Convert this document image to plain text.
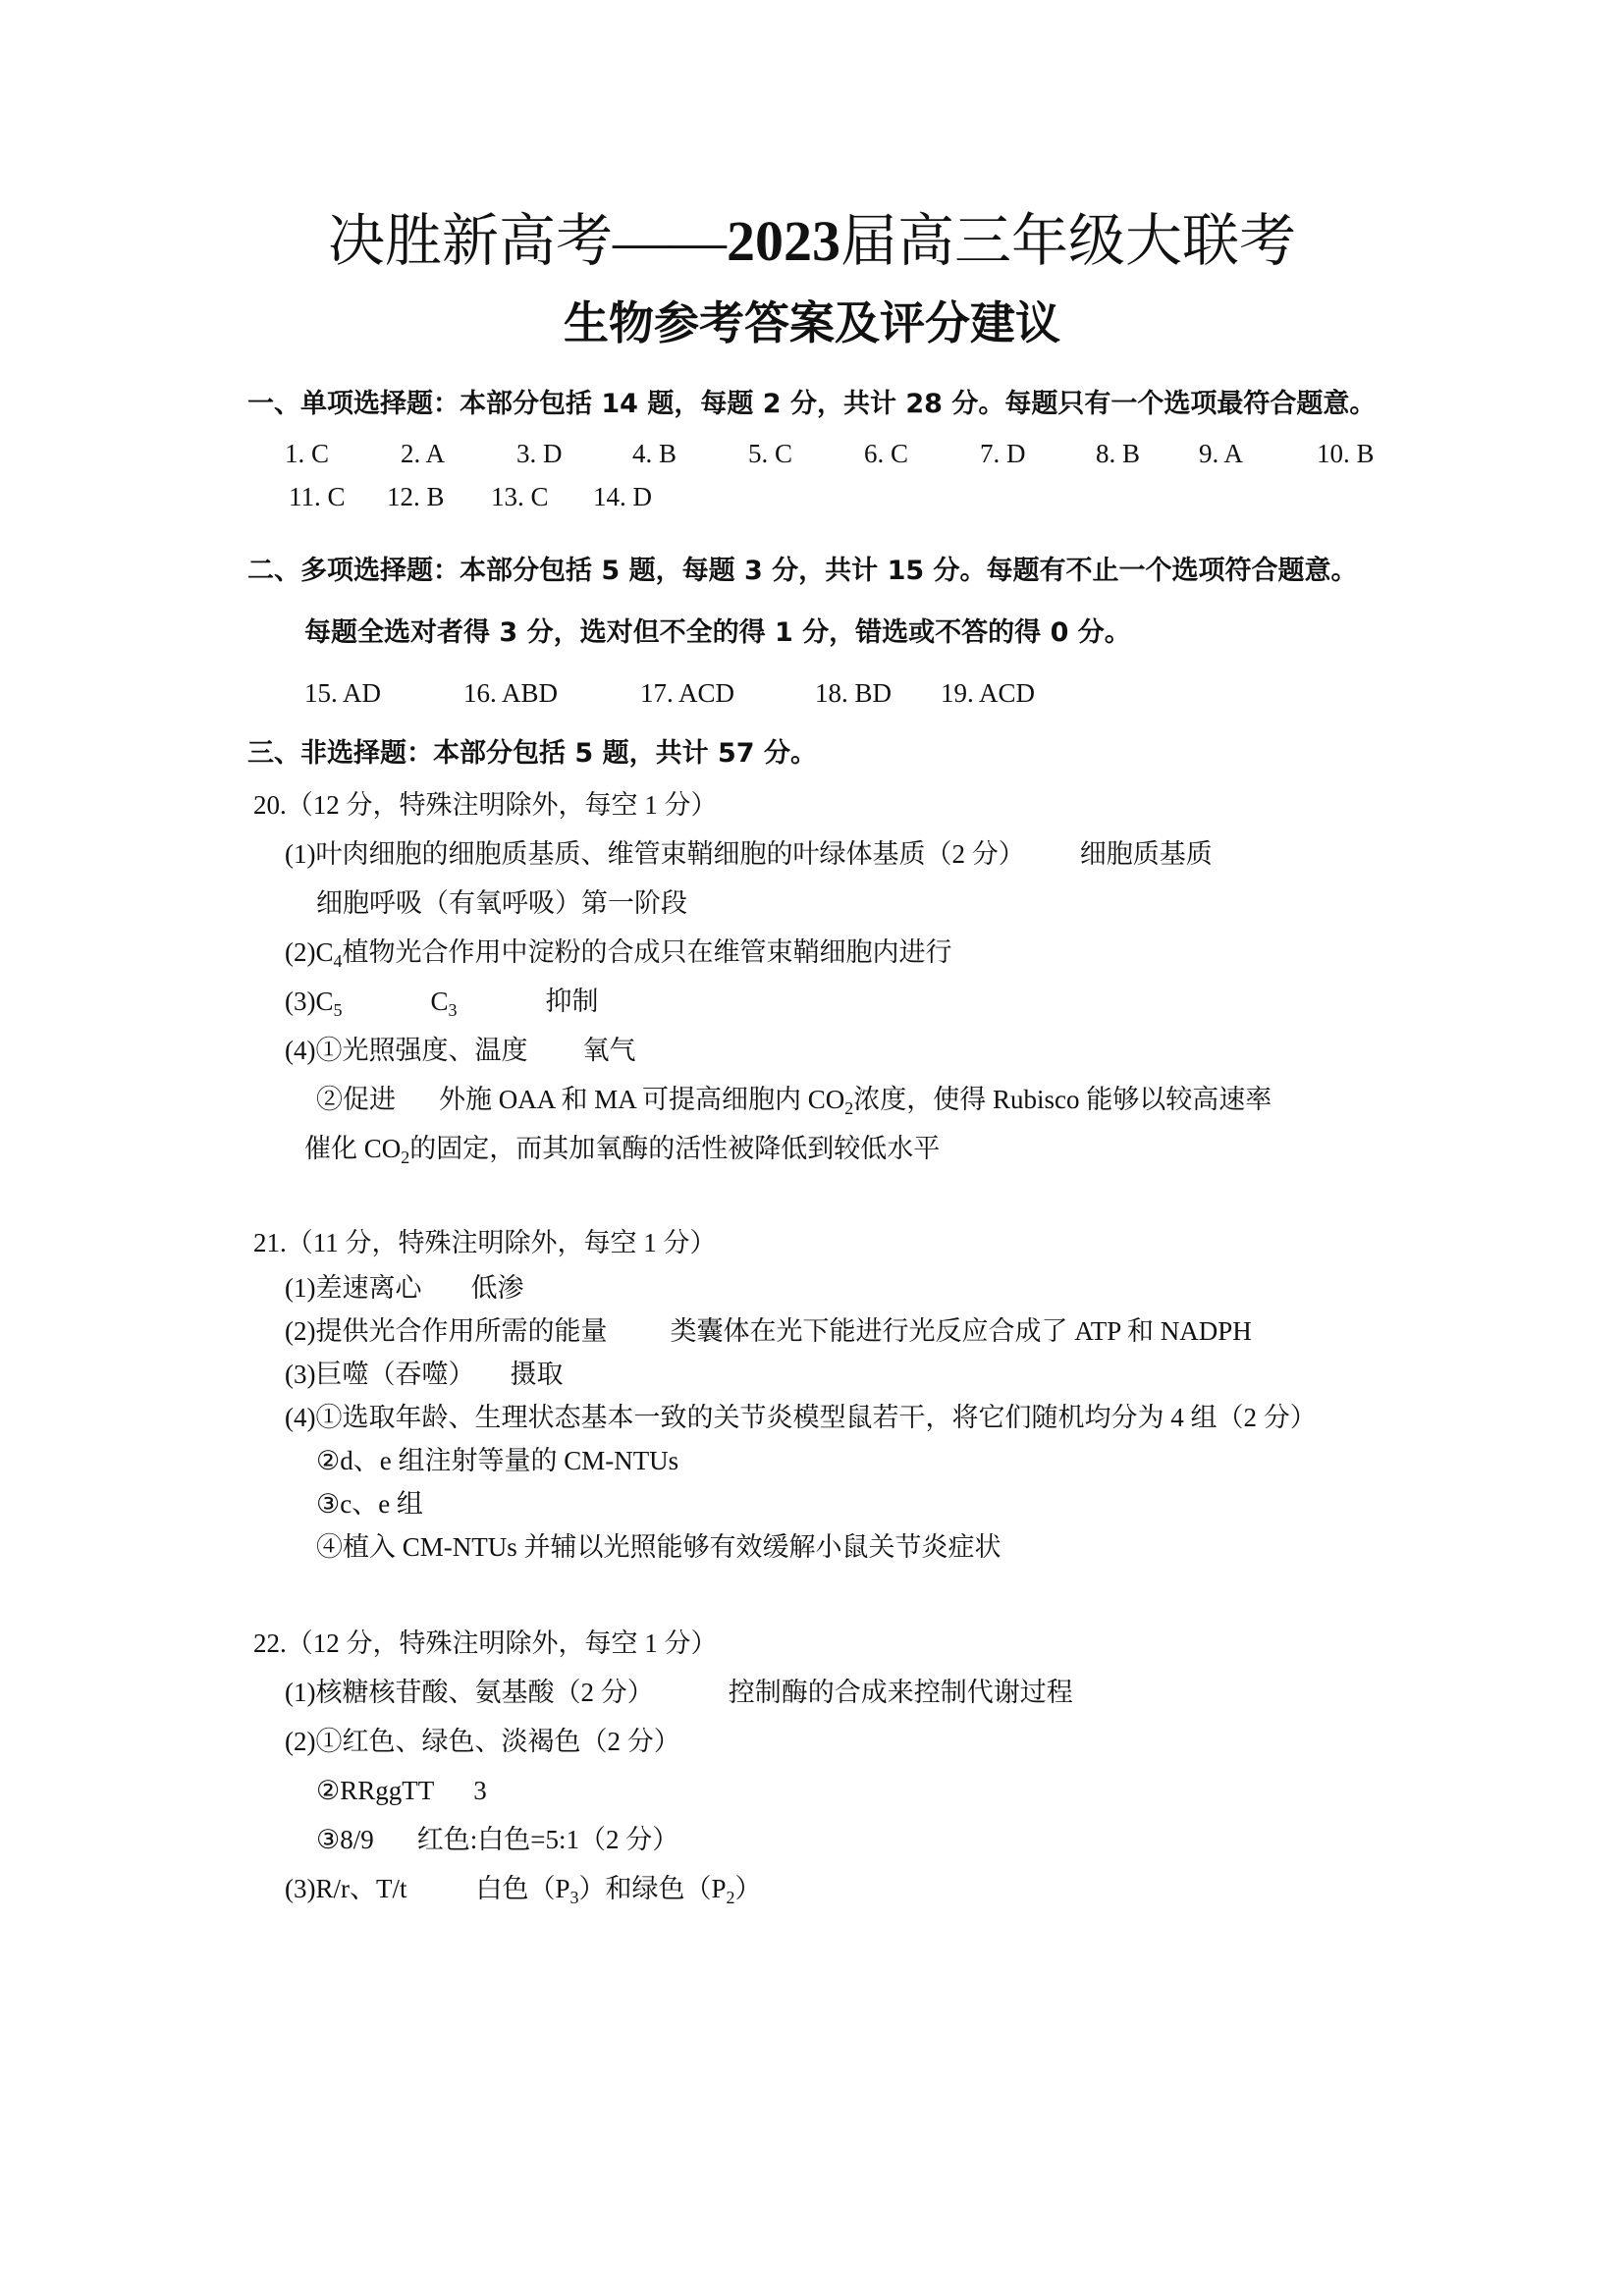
决胜新高考——2023届高三年级大联考
生物参考答案及评分建议
一、单项选择题：本部分包括 14 题，每题 2 分，共计 28 分。每题只有一个选项最符合题意。
1. C	2. A	3. D	4. B	5. C	6. C	7. D	8. B 9. A	10. B
11. C 12. B 13. C 14. D
二、多项选择题：本部分包括 5 题，每题 3 分，共计 15 分。每题有不止一个选项符合题意。
每题全选对者得 3 分，选对但不全的得 1 分，错选或不答的得 0 分。
15. AD	16. ABD	17. ACD	18. BD 19. ACD
三、非选择题：本部分包括 5 题，共计 57 分。
20.（12 分，特殊注明除外，每空 1 分）
(1)叶肉细胞的细胞质基质、维管束鞘细胞的叶绿体基质（2 分） 细胞质基质
细胞呼吸（有氧呼吸）第一阶段
$(2)C_4$植物光合作用中淀粉的合成只在维管束鞘细胞内进行
$(3)C_5$	$C_3$	抑制
(4)①光照强度、温度 氧气
②促进 外施 OAA 和 MA 可提高细胞内 $CO_2$浓度，使得 Rubisco 能够以较高速率
催化 $CO_2$的固定，而其加氧酶的活性被降低到较低水平
21.（11 分，特殊注明除外，每空 1 分）
(1)差速离心 低渗
(2)提供光合作用所需的能量 类囊体在光下能进行光反应合成了 ATP 和 NADPH
(3)巨噬（吞噬） 摄取
(4)①选取年龄、生理状态基本一致的关节炎模型鼠若干，将它们随机均分为 4 组（2 分）
②d、e 组注射等量的 CM-NTUs
③c、e 组
④植入 CM-NTUs 并辅以光照能够有效缓解小鼠关节炎症状
22.（12 分，特殊注明除外，每空 1 分）
(1)核糖核苷酸、氨基酸（2 分）	控制酶的合成来控制代谢过程
(2)①红色、绿色、淡褐色（2 分）
②RRggTT 3
③8/9 红色:白色=5:1（2 分）
(3)R/r、T/t	白色$(P_3)$和绿色$(P_2)$
